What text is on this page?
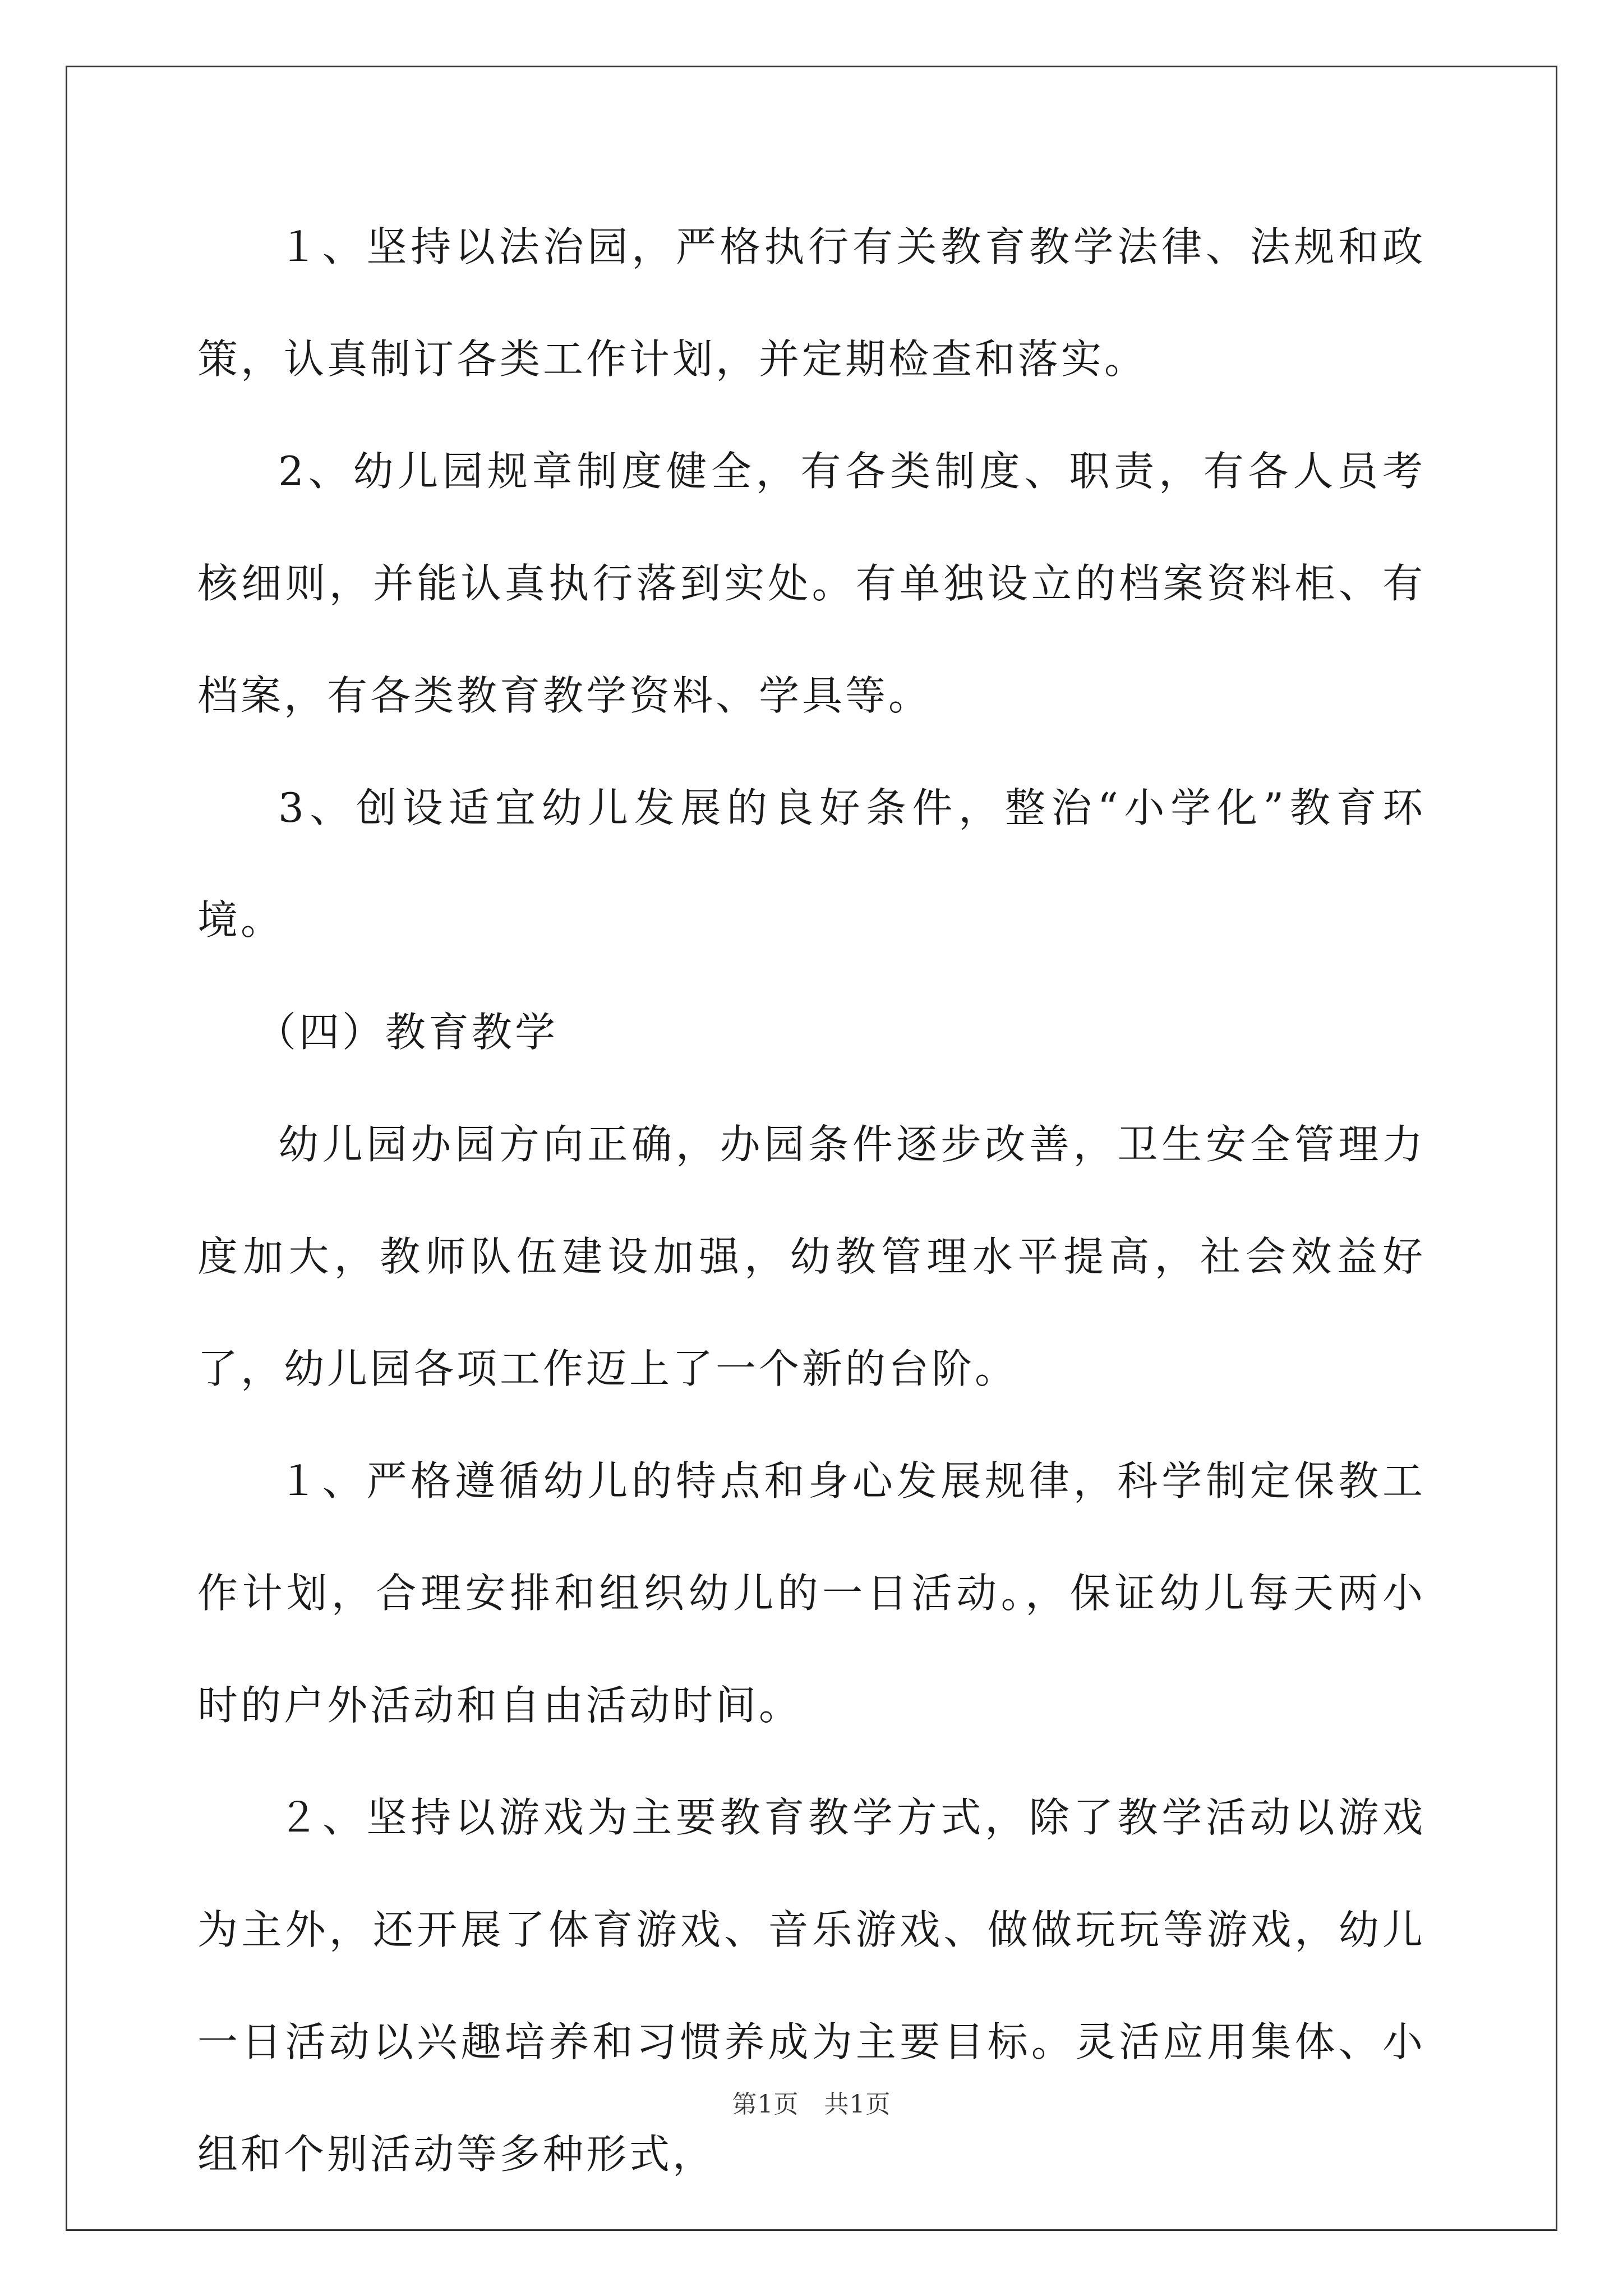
１、坚持以法治园，严格执行有关教育教学法律、法规和政策，认真制订各类工作计划，并定期检查和落实。

2、幼儿园规章制度健全，有各类制度、职责，有各人员考核细则，并能认真执行落到实处。有单独设立的档案资料柜、有档案，有各类教育教学资料、学具等。

3、创设适宜幼儿发展的良好条件，整治“小学化”教育环境。

（四）教育教学

幼儿园办园方向正确，办园条件逐步改善，卫生安全管理力度加大，教师队伍建设加强，幼教管理水平提高，社会效益好了，幼儿园各项工作迈上了一个新的台阶。

１、严格遵循幼儿的特点和身心发展规律，科学制定保教工作计划，合理安排和组织幼儿的一日活动。，保证幼儿每天两小时的户外活动和自由活动时间。

２、坚持以游戏为主要教育教学方式，除了教学活动以游戏为主外，还开展了体育游戏、音乐游戏、做做玩玩等游戏，幼儿一日活动以兴趣培养和习惯养成为主要目标。灵活应用集体、小组和个别活动等多种形式，

第1页　共1页
